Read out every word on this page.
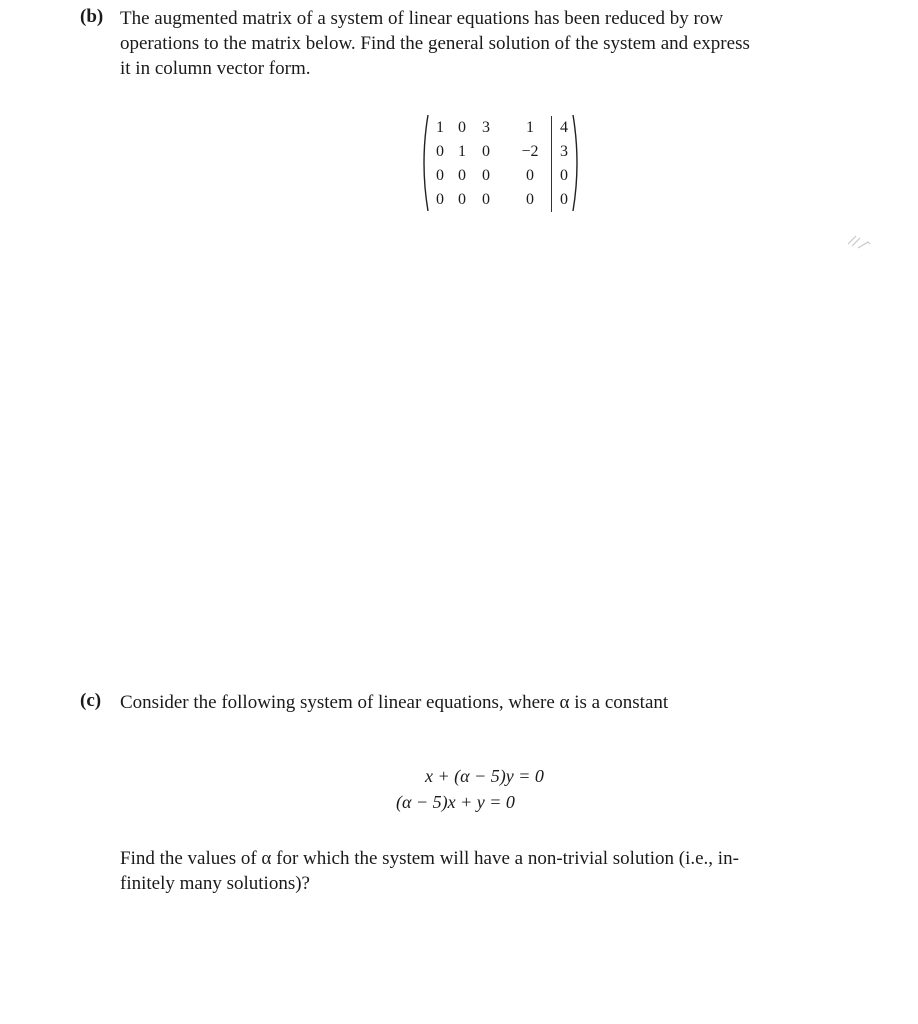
(b) The augmented matrix of a system of linear equations has been reduced by row
operations to the matrix below. Find the general solution of the system and express
it in column vector form.
1 0	3	1	4
0 1	0	−2	3
0 0	0	0	0
0 0	0	0	0
(c) Consider the following system of linear equations, where α is a constant
x + (α − 5)y = 0
(α − 5)x + y = 0
Find the values of α for which the system will have a non-trivial solution (i.e., in-
finitely many solutions)?
